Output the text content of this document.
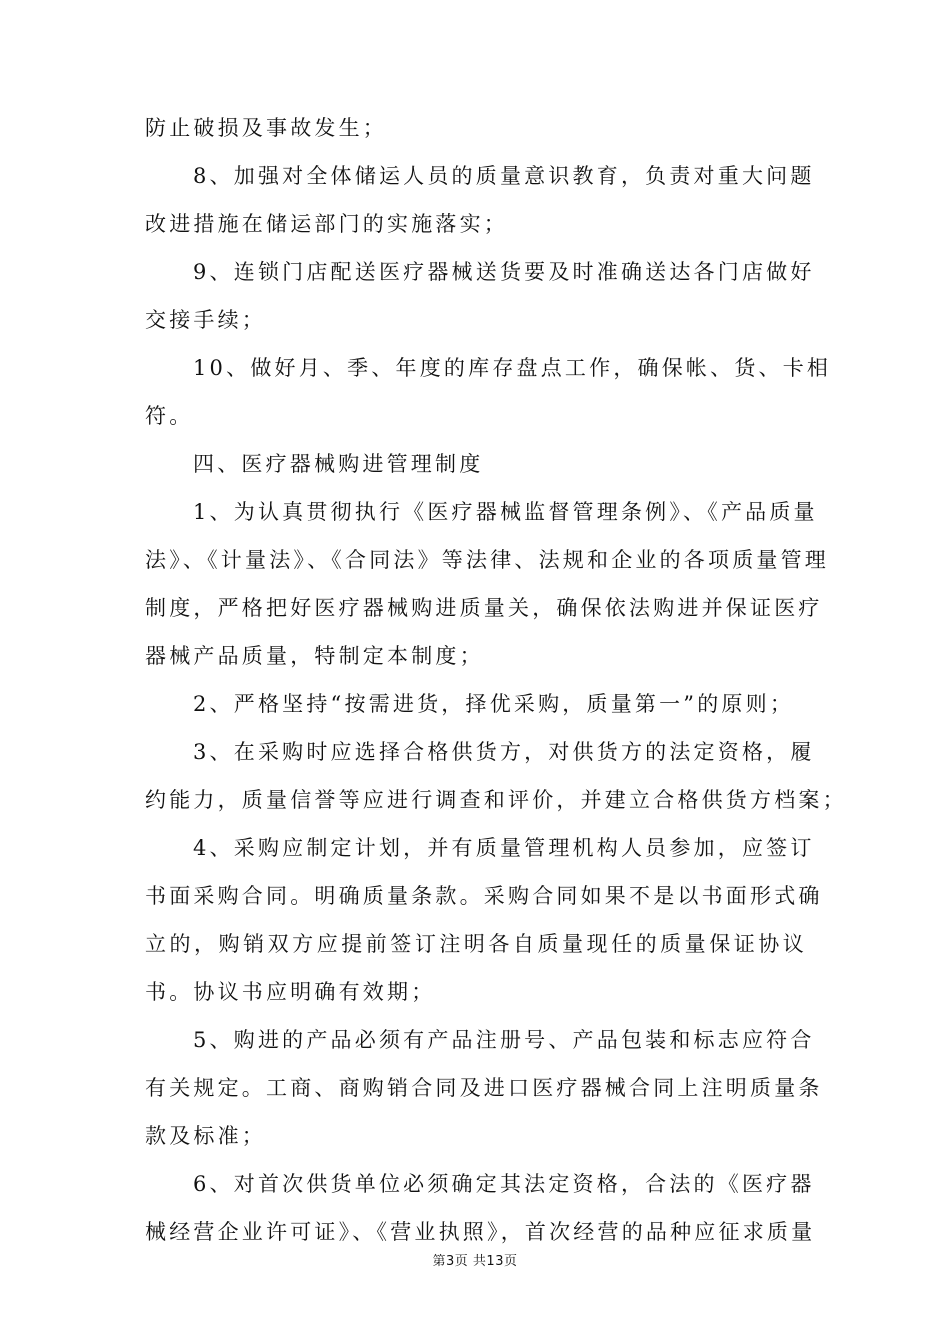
防止破损及事故发生；
8、加强对全体储运人员的质量意识教育，负责对重大问题
改进措施在储运部门的实施落实；
9、连锁门店配送医疗器械送货要及时准确送达各门店做好
交接手续；
10、做好月、季、年度的库存盘点工作，确保帐、货、卡相
符。
四、医疗器械购进管理制度
1、为认真贯彻执行《医疗器械监督管理条例》、《产品质量
法》、《计量法》、《合同法》等法律、法规和企业的各项质量管理
制度，严格把好医疗器械购进质量关，确保依法购进并保证医疗
器械产品质量，特制定本制度；
2、严格坚持“按需进货，择优采购，质量第一”的原则；
3、在采购时应选择合格供货方，对供货方的法定资格，履
约能力，质量信誉等应进行调查和评价，并建立合格供货方档案；
4、采购应制定计划，并有质量管理机构人员参加，应签订
书面采购合同。明确质量条款。采购合同如果不是以书面形式确
立的，购销双方应提前签订注明各自质量现任的质量保证协议
书。协议书应明确有效期；
5、购进的产品必须有产品注册号、产品包装和标志应符合
有关规定。工商、商购销合同及进口医疗器械合同上注明质量条
款及标准；
6、对首次供货单位必须确定其法定资格，合法的《医疗器
械经营企业许可证》、《营业执照》，首次经营的品种应征求质量
第3页 共13页
